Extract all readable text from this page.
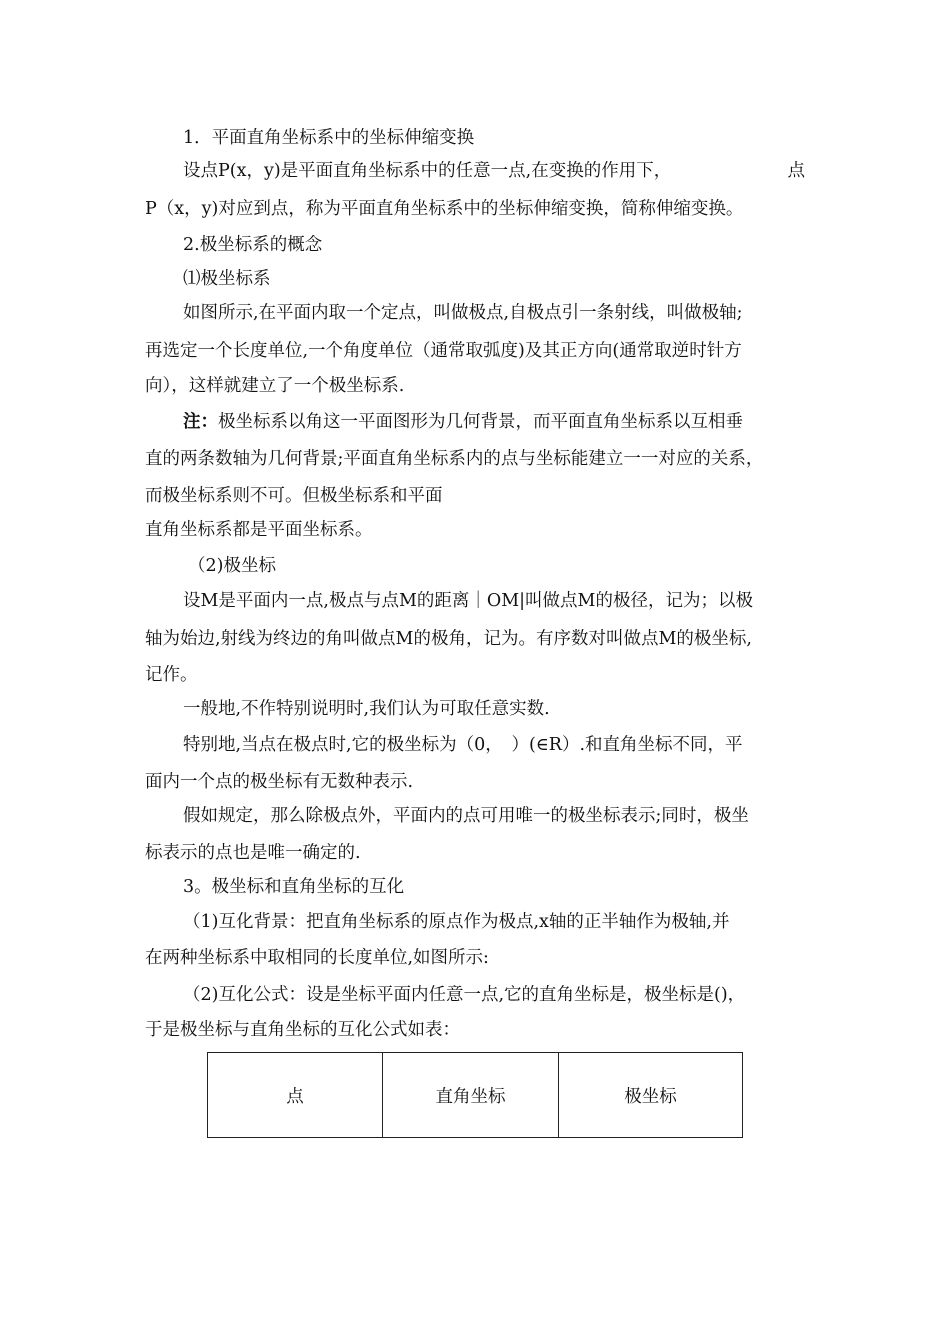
1．平面直角坐标系中的坐标伸缩变换
设点P(x，y)是平面直角坐标系中的任意一点,在变换的作用下，	点
P（x，y)对应到点，称为平面直角坐标系中的坐标伸缩变换，简称伸缩变换。
2.极坐标系的概念
⑴极坐标系
如图所示,在平面内取一个定点，叫做极点,自极点引一条射线，叫做极轴;
再选定一个长度单位,一个角度单位（通常取弧度)及其正方向(通常取逆时针方
向），这样就建立了一个极坐标系.
注：极坐标系以角这一平面图形为几何背景，而平面直角坐标系以互相垂
直的两条数轴为几何背景;平面直角坐标系内的点与坐标能建立一一对应的关系，
而极坐标系则不可。但极坐标系和平面
直角坐标系都是平面坐标系。
（2)极坐标
设M是平面内一点,极点与点M的距离｜OM|叫做点M的极径，记为；以极
轴为始边,射线为终边的角叫做点M的极角，记为。有序数对叫做点M的极坐标,
记作。
一般地,不作特别说明时,我们认为可取任意实数.
特别地,当点在极点时,它的极坐标为（0，　）(∈R）.和直角坐标不同，平
面内一个点的极坐标有无数种表示.
假如规定，那么除极点外，平面内的点可用唯一的极坐标表示;同时，极坐
标表示的点也是唯一确定的.
3。极坐标和直角坐标的互化
（1)互化背景：把直角坐标系的原点作为极点,x轴的正半轴作为极轴,并
在两种坐标系中取相同的长度单位,如图所示:
（2)互化公式：设是坐标平面内任意一点,它的直角坐标是，极坐标是()，
于是极坐标与直角坐标的互化公式如表：
点	直角坐标	极坐标
